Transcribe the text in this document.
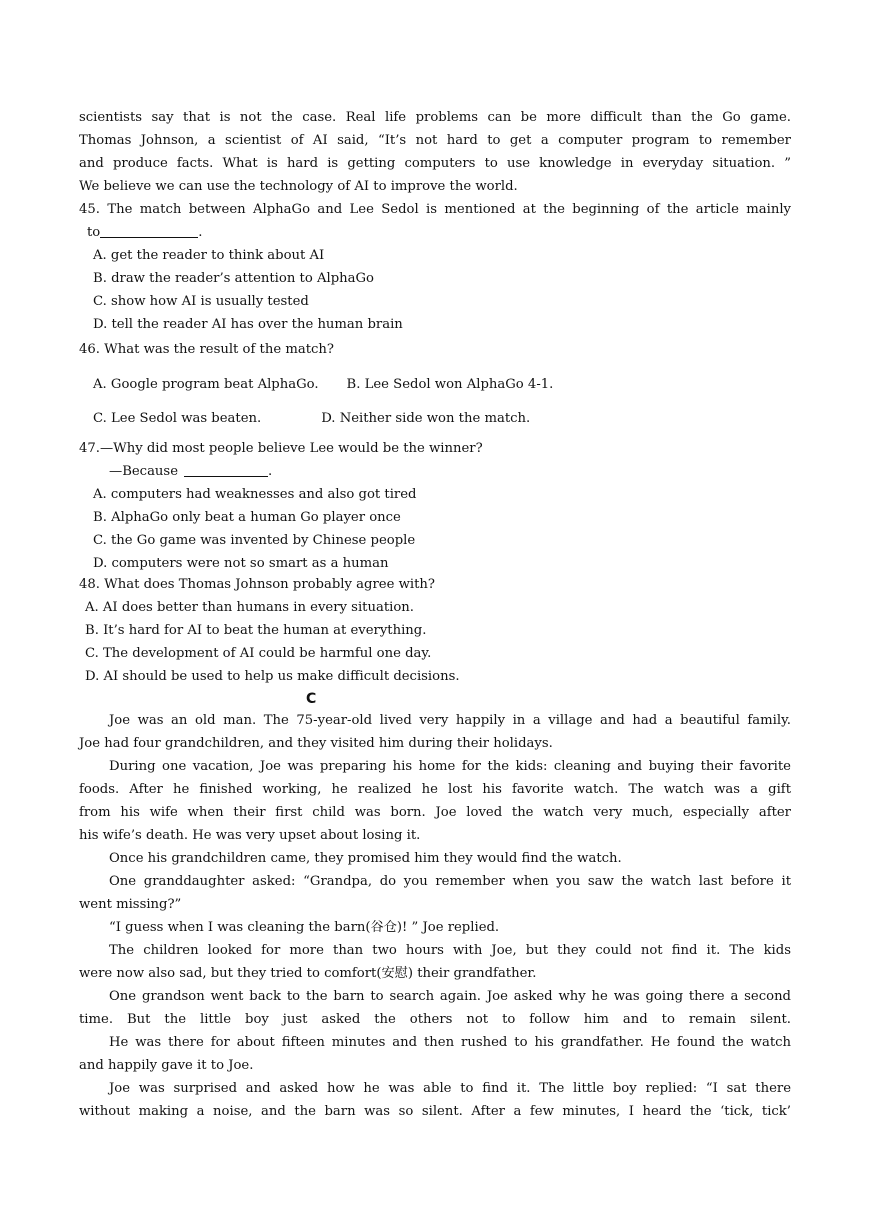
scientists say that is not the case. Real life problems can be more difficult than the Go game.
Thomas Johnson, a scientist of AI said, “It’s not hard to get a computer program to remember
and produce facts. What is hard is getting computers to use knowledge in everyday situation. ”
We believe we can use the technology of AI to improve the world.
45. The match between AlphaGo and Lee Sedol is mentioned at the beginning of the article mainly
to	.
A. get the reader to think about AI
B. draw the reader’s attention to AlphaGo
C. show how AI is usually tested
D. tell the reader AI has over the human brain
46. What was the result of the match?
A. Google program beat AlphaGo. B. Lee Sedol won AlphaGo 4-1.
C. Lee Sedol was beaten.	D. Neither side won the match.
47.—Why did most people believe Lee would be the winner?
—Because	.
A. computers had weaknesses and also got tired
B. AlphaGo only beat a human Go player once
C. the Go game was invented by Chinese people
D. computers were not so smart as a human
48. What does Thomas Johnson probably agree with?
A. AI does better than humans in every situation.
B. It’s hard for AI to beat the human at everything.
C. The development of AI could be harmful one day.
D. AI should be used to help us make difficult decisions.
C
Joe was an old man. The 75-year-old lived very happily in a village and had a beautiful family.
Joe had four grandchildren, and they visited him during their holidays.
During one vacation, Joe was preparing his home for the kids: cleaning and buying their favorite
foods. After he finished working, he realized he lost his favorite watch. The watch was a gift
from his wife when their first child was born. Joe loved the watch very much, especially after
his wife’s death. He was very upset about losing it.
Once his grandchildren came, they promised him they would find the watch.
One granddaughter asked: “Grandpa, do you remember when you saw the watch last before it
went missing?”
“I guess when I was cleaning the barn(谷仓)! ” Joe replied.
The children looked for more than two hours with Joe, but they could not find it. The kids
were now also sad, but they tried to comfort(安慰) their grandfather.
One grandson went back to the barn to search again. Joe asked why he was going there a second
time. But the little boy just asked the others not to follow him and to remain silent.
He was there for about fifteen minutes and then rushed to his grandfather. He found the watch
and happily gave it to Joe.
Joe was surprised and asked how he was able to find it. The little boy replied: “I sat there
without making a noise, and the barn was so silent. After a few minutes, I heard the ‘tick, tick’
